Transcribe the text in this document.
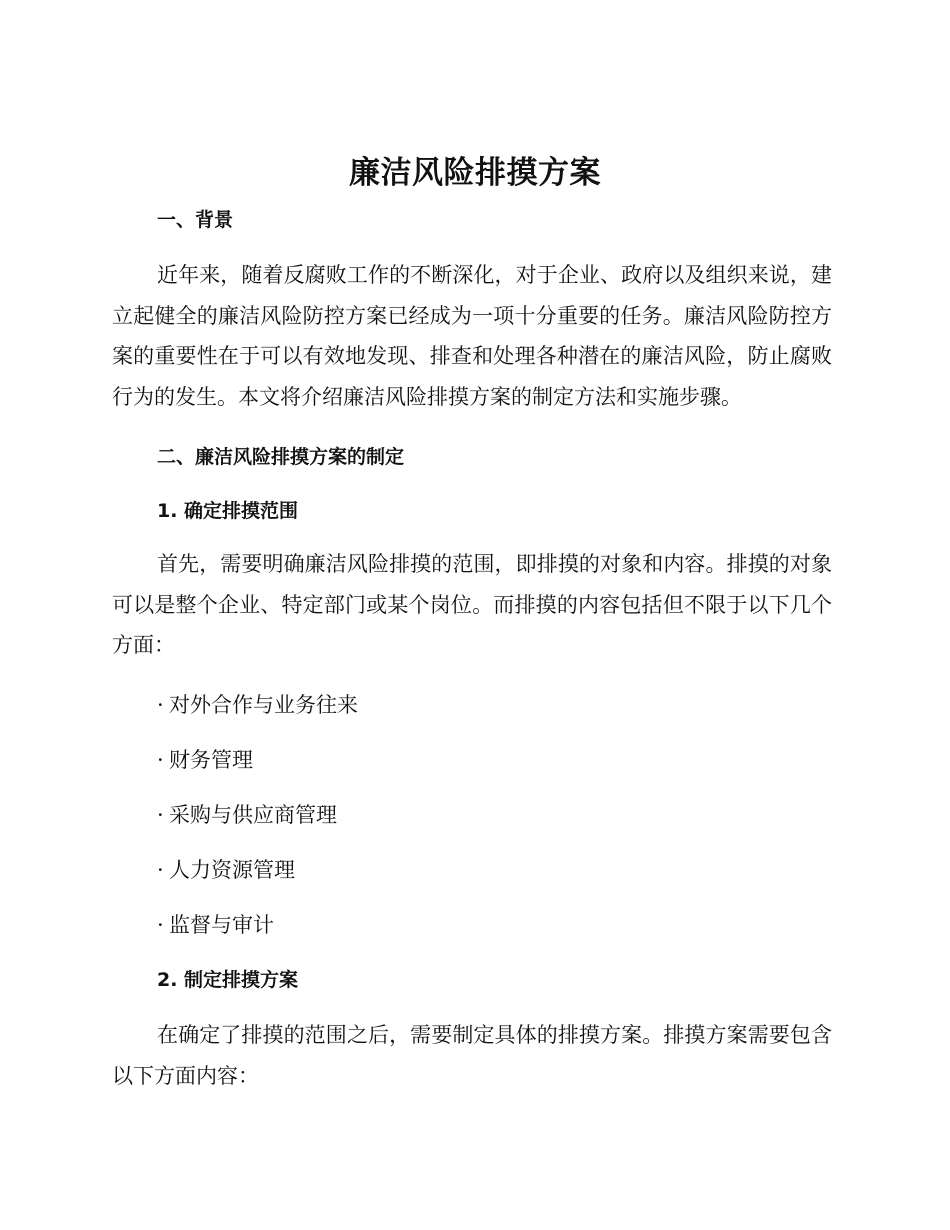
廉洁风险排摸方案
一、背景

近年来，随着反腐败工作的不断深化，对于企业、政府以及组织来说，建立起健全的廉洁风险防控方案已经成为一项十分重要的任务。廉洁风险防控方案的重要性在于可以有效地发现、排查和处理各种潜在的廉洁风险，防止腐败行为的发生。本文将介绍廉洁风险排摸方案的制定方法和实施步骤。

二、廉洁风险排摸方案的制定
1. 确定排摸范围

首先，需要明确廉洁风险排摸的范围，即排摸的对象和内容。排摸的对象可以是整个企业、特定部门或某个岗位。而排摸的内容包括但不限于以下几个方面：

· 对外合作与业务往来
· 财务管理
· 采购与供应商管理
· 人力资源管理
· 监督与审计
2. 制定排摸方案

在确定了排摸的范围之后，需要制定具体的排摸方案。排摸方案需要包含以下方面内容：
